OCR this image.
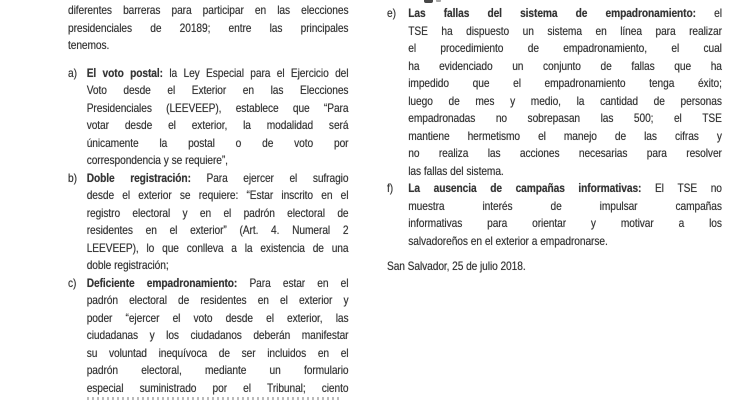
diferentes barreras para participar en las elecciones
presidenciales de 20189; entre las principales
tenemos.
a) El voto postal: la Ley Especial para el Ejercicio del
Voto desde el Exterior en las Elecciones
Presidenciales (LEEVEEP), establece que “Para
votar desde el exterior, la modalidad será
únicamente la postal o de voto por
correspondencia y se requiere”,
b) Doble registración: Para ejercer el sufragio
desde el exterior se requiere: “Estar inscrito en el
registro electoral y en el padrón electoral de
residentes en el exterior” (Art. 4. Numeral 2
LEEVEEP), lo que conlleva a la existencia de una
doble registración;
c) Deficiente empadronamiento: Para estar en el
padrón electoral de residentes en el exterior y
poder “ejercer el voto desde el exterior, las
ciudadanas y los ciudadanos deberán manifestar
su voluntad inequívoca de ser incluidos en el
padrón electoral, mediante un formulario
especial suministrado por el Tribunal; ciento
e) Las fallas del sistema de empadronamiento: el
TSE ha dispuesto un sistema en línea para realizar
el procedimiento de empadronamiento, el cual
ha evidenciado un conjunto de fallas que ha
impedido que el empadronamiento tenga éxito;
luego de mes y medio, la cantidad de personas
empadronadas no sobrepasan las 500; el TSE
mantiene hermetismo el manejo de las cifras y
no realiza las acciones necesarias para resolver
las fallas del sistema.
f) La ausencia de campañas informativas: El TSE no
muestra	interés	de	impulsar	campañas
informativas para orientar y motivar a los
salvadoreños en el exterior a empadronarse.
San Salvador, 25 de julio 2018.
